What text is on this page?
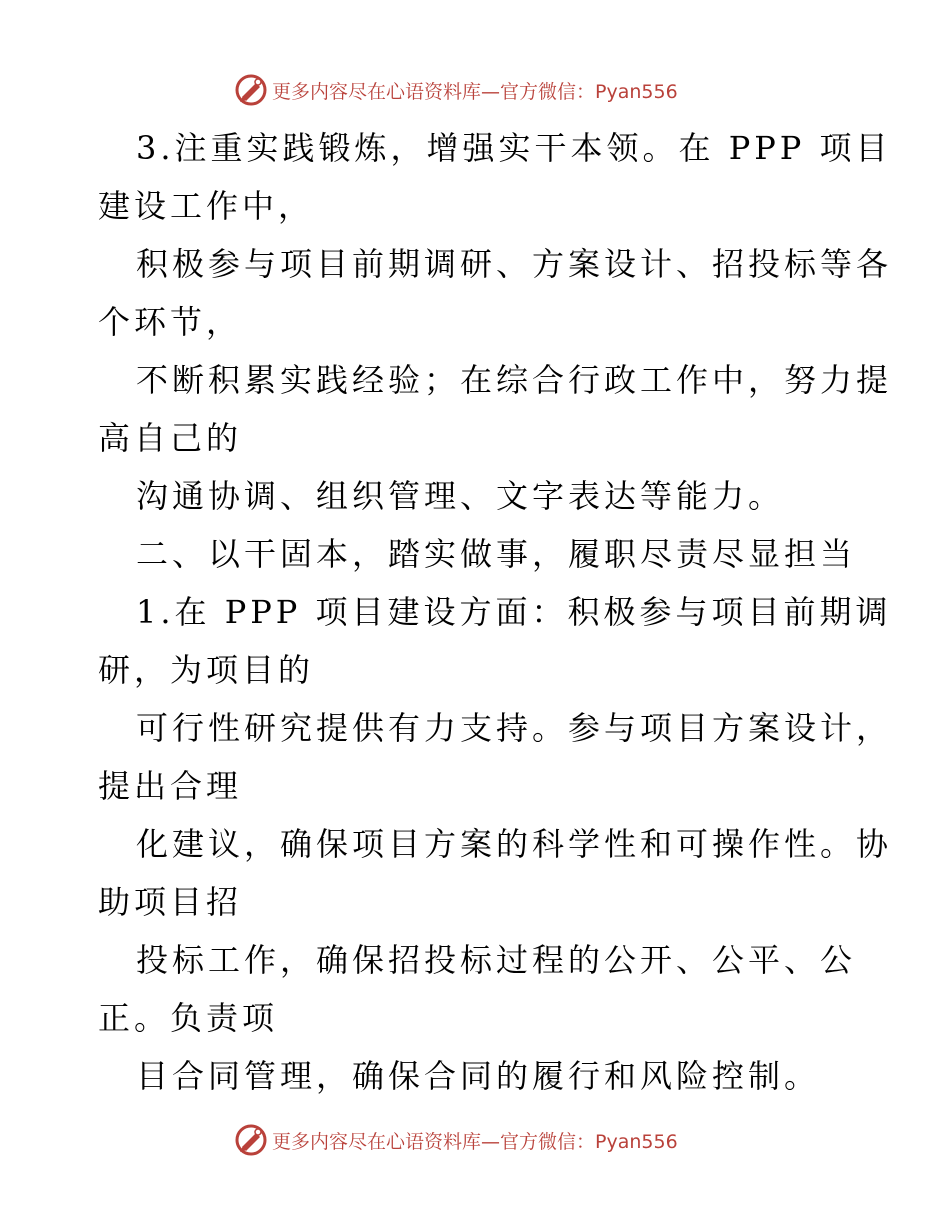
更多内容尽在心语资料库—官方微信：Pyan556
3.注重实践锻炼，增强实干本领。在 PPP 项目
建设工作中，
积极参与项目前期调研、方案设计、招投标等各
个环节，
不断积累实践经验；在综合行政工作中，努力提
高自己的
沟通协调、组织管理、文字表达等能力。
二、以干固本，踏实做事，履职尽责尽显担当
1.在 PPP 项目建设方面：积极参与项目前期调
研，为项目的
可行性研究提供有力支持。参与项目方案设计，
提出合理
化建议，确保项目方案的科学性和可操作性。协
助项目招
投标工作，确保招投标过程的公开、公平、公
正。负责项
目合同管理，确保合同的履行和风险控制。
更多内容尽在心语资料库—官方微信：Pyan556
